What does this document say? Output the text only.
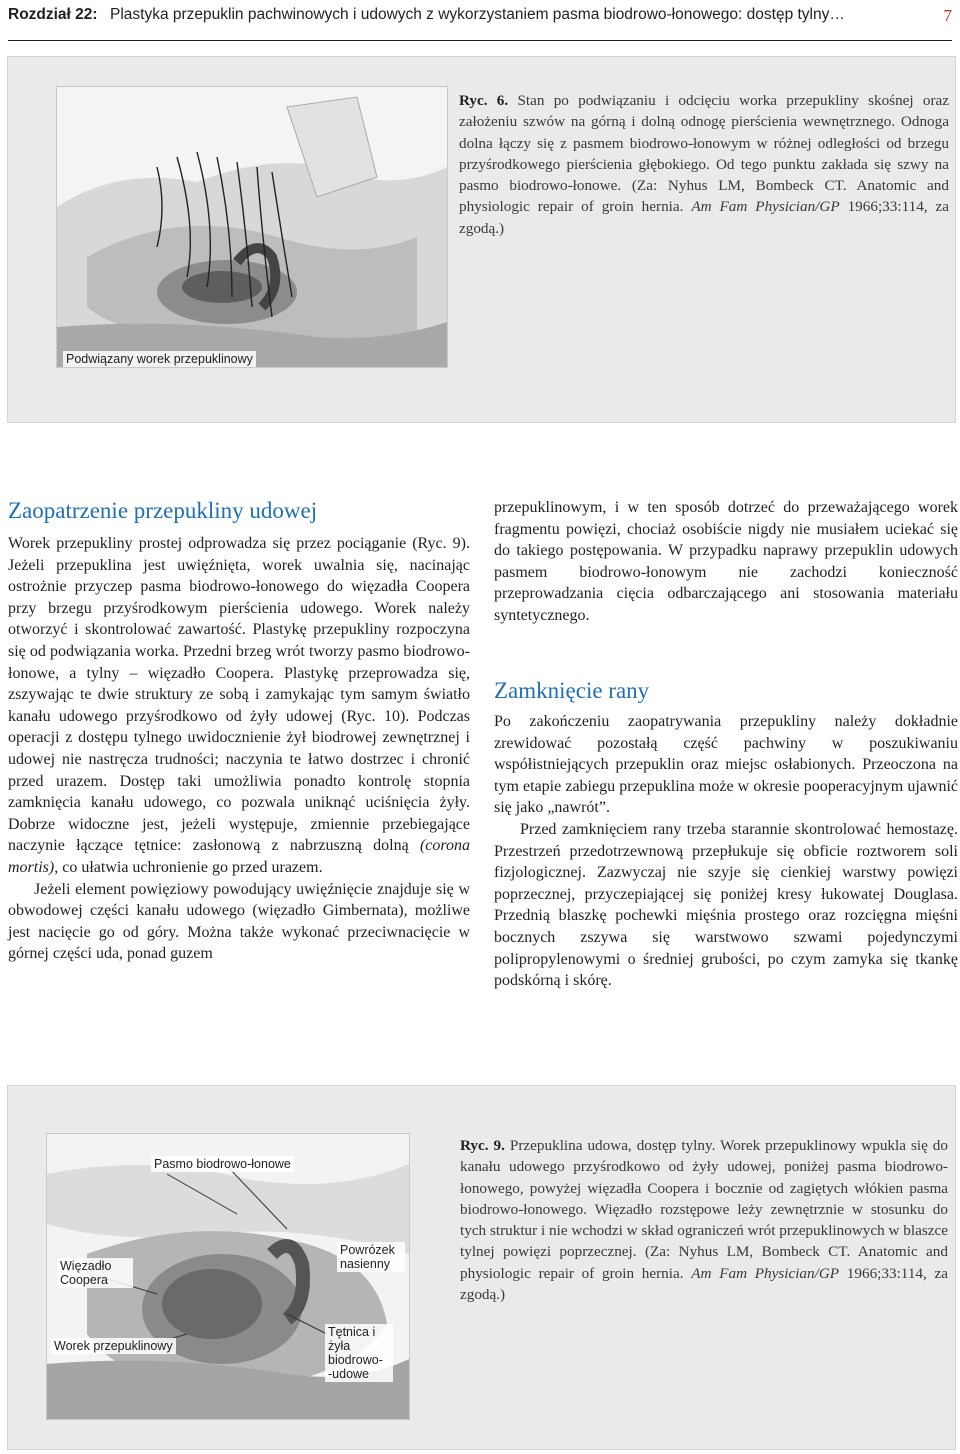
Rozdział 22: Plastyka przepuklin pachwinowych i udowych z wykorzystaniem pasma biodrowo-łonowego: dostęp tylny…	7
Podwiązany worek przepuklinowy
Ryc. 6. Stan po podwiązaniu i odcięciu worka przepukliny skośnej oraz założeniu szwów na górną i dolną odnogę pierścienia wewnętrznego. Odnoga dolna łączy się z pasmem biodrowo-łonowym w różnej odległości od brzegu przyśrodkowego pierścienia głębokiego. Od tego punktu zakłada się szwy na pasmo biodrowo-łonowe. (Za: Nyhus LM, Bombeck CT. Anatomic and physiologic repair of groin hernia. Am Fam Physician/GP 1966;33:114, za zgodą.)
Zaopatrzenie przepukliny udowej

Worek przepukliny prostej odprowadza się przez pociąganie (Ryc. 9). Jeżeli przepuklina jest uwięźnięta, worek uwalnia się, nacinając ostrożnie przyczep pasma biodrowo-łonowego do więzadła Coopera przy brzegu przyśrodkowym pierścienia udowego. Worek należy otworzyć i skontrolować zawartość. Plastykę przepukliny rozpoczyna się od podwiązania worka. Przedni brzeg wrót tworzy pasmo biodrowo-łonowe, a tylny – więzadło Coopera. Plastykę przeprowadza się, zszywając te dwie struktury ze sobą i zamykając tym samym światło kanału udowego przyśrodkowo od żyły udowej (Ryc. 10). Podczas operacji z dostępu tylnego uwidocznienie żył biodrowej zewnętrznej i udowej nie nastręcza trudności; naczynia te łatwo dostrzec i chronić przed urazem. Dostęp taki umożliwia ponadto kontrolę stopnia zamknięcia kanału udowego, co pozwala uniknąć uciśnięcia żyły. Dobrze widoczne jest, jeżeli występuje, zmiennie przebiegające naczynie łączące tętnice: zasłonową z nabrzuszną dolną (corona mortis), co ułatwia uchronienie go przed urazem.

Jeżeli element powięziowy powodujący uwięźnięcie znajduje się w obwodowej części kanału udowego (więzadło Gimbernata), możliwe jest nacięcie go od góry. Można także wykonać przeciwnacięcie w górnej części uda, ponad guzem

przepuklinowym, i w ten sposób dotrzeć do przeważającego worek fragmentu powięzi, chociaż osobiście nigdy nie musiałem uciekać się do takiego postępowania. W przypadku naprawy przepuklin udowych pasmem biodrowo-łonowym nie zachodzi konieczność przeprowadzania cięcia odbarczającego ani stosowania materiału syntetycznego.

Po zakończeniu zaopatrywania przepukliny należy dokładnie zrewidować pozostałą część pachwiny w poszukiwaniu współistniejących przepuklin oraz miejsc osłabionych. Przeoczona na tym etapie zabiegu przepuklina może w okresie pooperacyjnym ujawnić się jako „nawrót”.

Przed zamknięciem rany trzeba starannie skontrolować hemostazę. Przestrzeń przedotrzewnową przepłukuje się obficie roztworem soli fizjologicznej. Zazwyczaj nie szyje się cienkiej warstwy powięzi poprzecznej, przyczepiającej się poniżej kresy łukowatej Douglasa. Przednią blaszkę pochewki mięśnia prostego oraz rozcięgna mięśni bocznych zszywa się warstwowo szwami pojedynczymi polipropylenowymi o średniej grubości, po czym zamyka się tkankę podskórną i skórę.

Zamknięcie rany
Pasmo biodrowo-łonowe
Więzadło Coopera
Powrózek nasienny
Worek przepuklinowy
Tętnica i żyła biodrowo- -udowe
Ryc. 9. Przepuklina udowa, dostęp tylny. Worek przepuklinowy wpukla się do kanału udowego przyśrodkowo od żyły udowej, poniżej pasma biodrowo-łonowego, powyżej więzadła Coopera i bocznie od zagiętych włókien pasma biodrowo-łonowego. Więzadło rozstępowe leży zewnętrznie w stosunku do tych struktur i nie wchodzi w skład ograniczeń wrót przepuklinowych w blaszce tylnej powięzi poprzecznej. (Za: Nyhus LM, Bombeck CT. Anatomic and physiologic repair of groin hernia. Am Fam Physician/GP 1966;33:114, za zgodą.)
